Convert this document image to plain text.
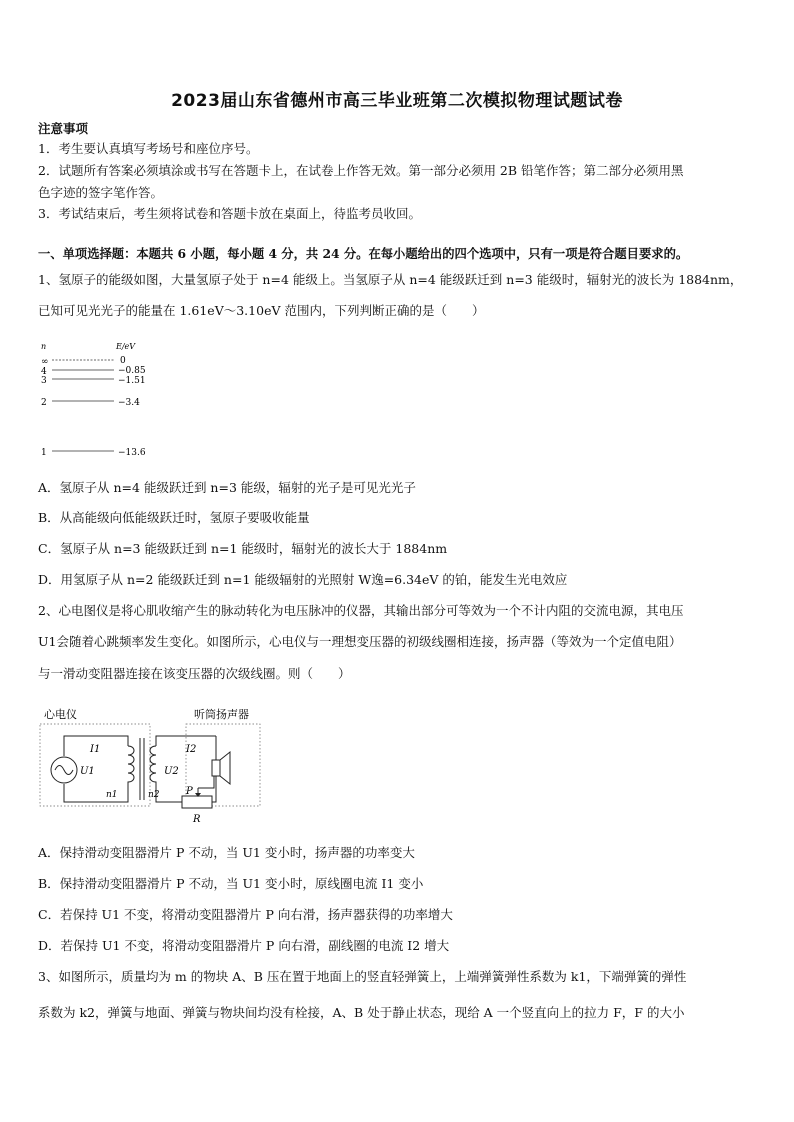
2023届山东省德州市高三毕业班第二次模拟物理试题试卷
注意事项
1．考生要认真填写考场号和座位序号。
2．试题所有答案必须填涂或书写在答题卡上，在试卷上作答无效。第一部分必须用 2B 铅笔作答；第二部分必须用黑
色字迹的签字笔作答。
3．考试结束后，考生须将试卷和答题卡放在桌面上，待监考员收回。
一、单项选择题：本题共 6 小题，每小题 4 分，共 24 分。在每小题给出的四个选项中，只有一项是符合题目要求的。
1、氢原子的能级如图，大量氢原子处于 n=4 能级上。当氢原子从 n=4 能级跃迁到 n=3 能级时，辐射光的波长为 1884nm，
已知可见光光子的能量在 1.61eV～3.10eV 范围内，下列判断正确的是（　　）
n	E/eV
∞	0
4	−0.85
3	−1.51
2	−3.4
1	−13.6
A．氢原子从 n=4 能级跃迁到 n=3 能级，辐射的光子是可见光光子
B．从高能级向低能级跃迁时，氢原子要吸收能量
C．氢原子从 n=3 能级跃迁到 n=1 能级时，辐射光的波长大于 1884nm
D．用氢原子从 n=2 能级跃迁到 n=1 能级辐射的光照射 W逸=6.34eV 的铂，能发生光电效应
2、心电图仪是将心肌收缩产生的脉动转化为电压脉冲的仪器，其输出部分可等效为一个不计内阻的交流电源，其电压
U1会随着心跳频率发生变化。如图所示，心电仪与一理想变压器的初级线圈相连接，扬声器（等效为一个定值电阻）
与一滑动变阻器连接在该变压器的次级线圈。则（　　）
心电仪	听筒扬声器
I1
U1
n1
U2
n2
I2
P
R
A．保持滑动变阻器滑片 P 不动，当 U1 变小时，扬声器的功率变大
B．保持滑动变阻器滑片 P 不动，当 U1 变小时，原线圈电流 I1 变小
C．若保持 U1 不变，将滑动变阻器滑片 P 向右滑，扬声器获得的功率增大
D．若保持 U1 不变，将滑动变阻器滑片 P 向右滑，副线圈的电流 I2 增大
3、如图所示，质量均为 m 的物块 A、B 压在置于地面上的竖直轻弹簧上，上端弹簧弹性系数为 k1，下端弹簧的弹性
系数为 k2，弹簧与地面、弹簧与物块间均没有栓接，A、B 处于静止状态，现给 A 一个竖直向上的拉力 F，F 的大小
